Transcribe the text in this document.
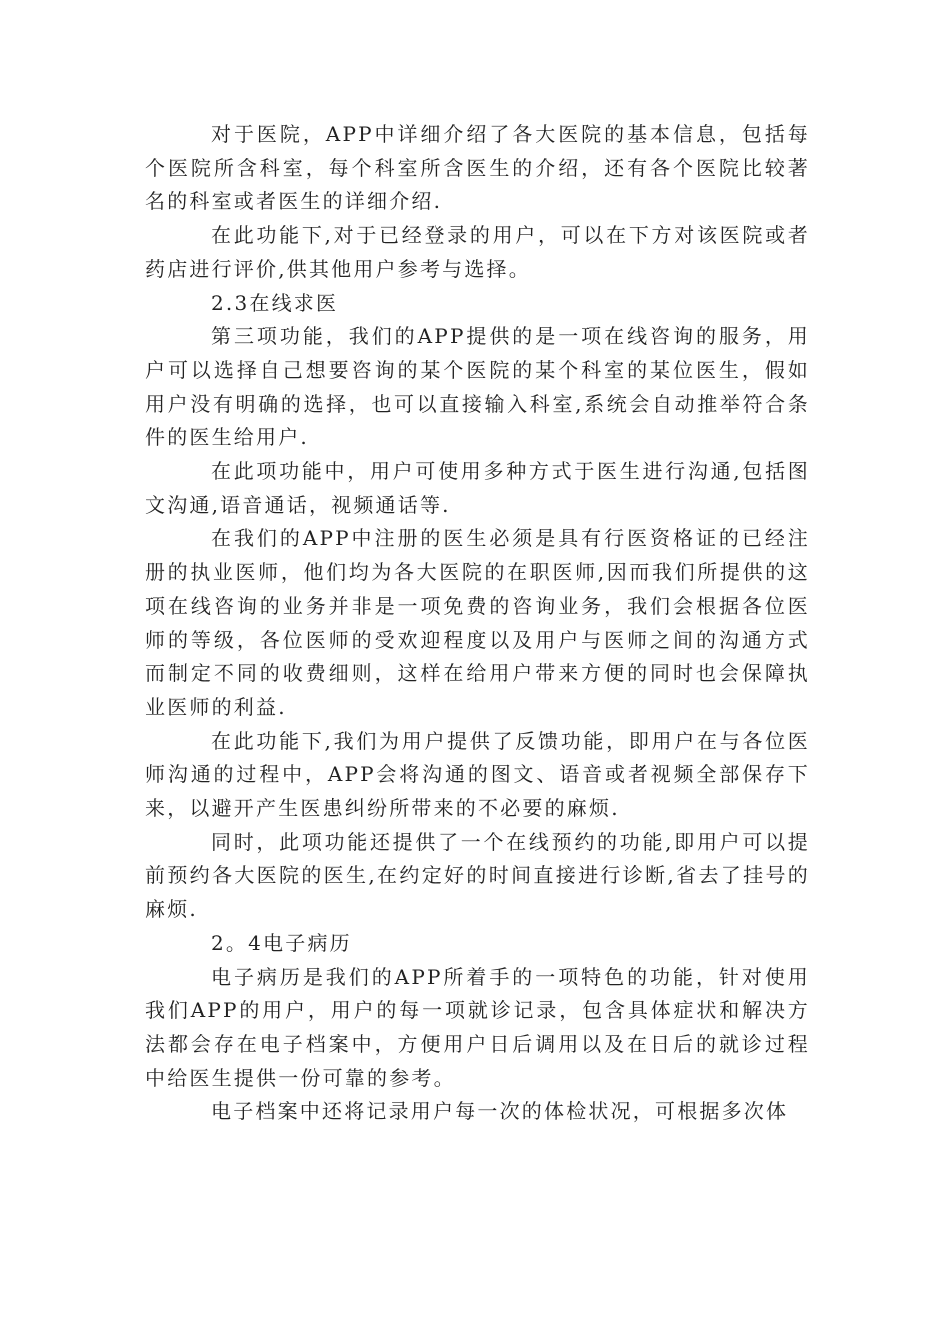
对于医院，APP中详细介绍了各大医院的基本信息，包括每个医院所含科室，每个科室所含医生的介绍，还有各个医院比较著名的科室或者医生的详细介绍.

在此功能下,对于已经登录的用户，可以在下方对该医院或者药店进行评价,供其他用户参考与选择。

2.3在线求医

第三项功能，我们的APP提供的是一项在线咨询的服务，用户可以选择自己想要咨询的某个医院的某个科室的某位医生，假如用户没有明确的选择，也可以直接输入科室,系统会自动推举符合条件的医生给用户.

在此项功能中，用户可使用多种方式于医生进行沟通,包括图文沟通,语音通话，视频通话等.

在我们的APP中注册的医生必须是具有行医资格证的已经注册的执业医师，他们均为各大医院的在职医师,因而我们所提供的这项在线咨询的业务并非是一项免费的咨询业务，我们会根据各位医师的等级，各位医师的受欢迎程度以及用户与医师之间的沟通方式而制定不同的收费细则，这样在给用户带来方便的同时也会保障执业医师的利益.

在此功能下,我们为用户提供了反馈功能，即用户在与各位医师沟通的过程中，APP会将沟通的图文、语音或者视频全部保存下来，以避开产生医患纠纷所带来的不必要的麻烦.

同时，此项功能还提供了一个在线预约的功能,即用户可以提前预约各大医院的医生,在约定好的时间直接进行诊断,省去了挂号的麻烦.

2。4电子病历

电子病历是我们的APP所着手的一项特色的功能，针对使用我们APP的用户，用户的每一项就诊记录，包含具体症状和解决方法都会存在电子档案中，方便用户日后调用以及在日后的就诊过程中给医生提供一份可靠的参考。

电子档案中还将记录用户每一次的体检状况，可根据多次体
